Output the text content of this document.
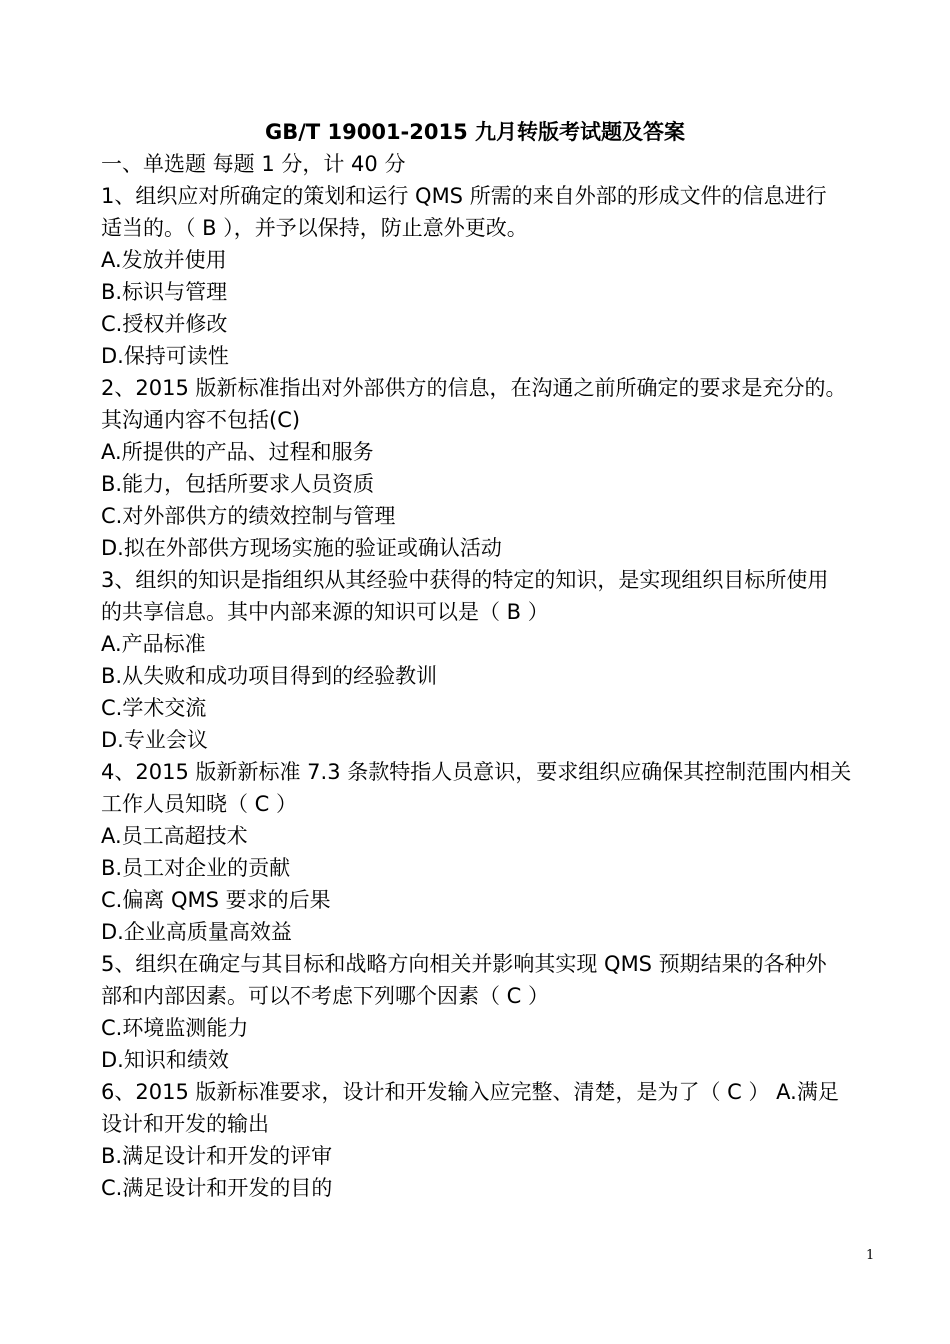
GB/T 19001-2015 九月转版考试题及答案
一、单选题 每题 1 分，计 40 分
1、组织应对所确定的策划和运行 QMS 所需的来自外部的形成文件的信息进行
适当的。（ B ），并予以保持，防止意外更改。
A.发放并使用
B.标识与管理
C.授权并修改
D.保持可读性
2、2015 版新标准指出对外部供方的信息，在沟通之前所确定的要求是充分的。
其沟通内容不包括(C)
A.所提供的产品、过程和服务
B.能力，包括所要求人员资质
C.对外部供方的绩效控制与管理
D.拟在外部供方现场实施的验证或确认活动
3、组织的知识是指组织从其经验中获得的特定的知识，是实现组织目标所使用
的共享信息。其中内部来源的知识可以是（ B ）
A.产品标准
B.从失败和成功项目得到的经验教训
C.学术交流
D.专业会议
4、2015 版新新标准 7.3 条款特指人员意识，要求组织应确保其控制范围内相关
工作人员知晓（ C ）
A.员工高超技术
B.员工对企业的贡献
C.偏离 QMS 要求的后果
D.企业高质量高效益
5、组织在确定与其目标和战略方向相关并影响其实现 QMS 预期结果的各种外
部和内部因素。可以不考虑下列哪个因素（ C ）
C.环境监测能力
D.知识和绩效
6、2015 版新标准要求，设计和开发输入应完整、清楚，是为了（ C ） A.满足
设计和开发的输出
B.满足设计和开发的评审
C.满足设计和开发的目的
1
